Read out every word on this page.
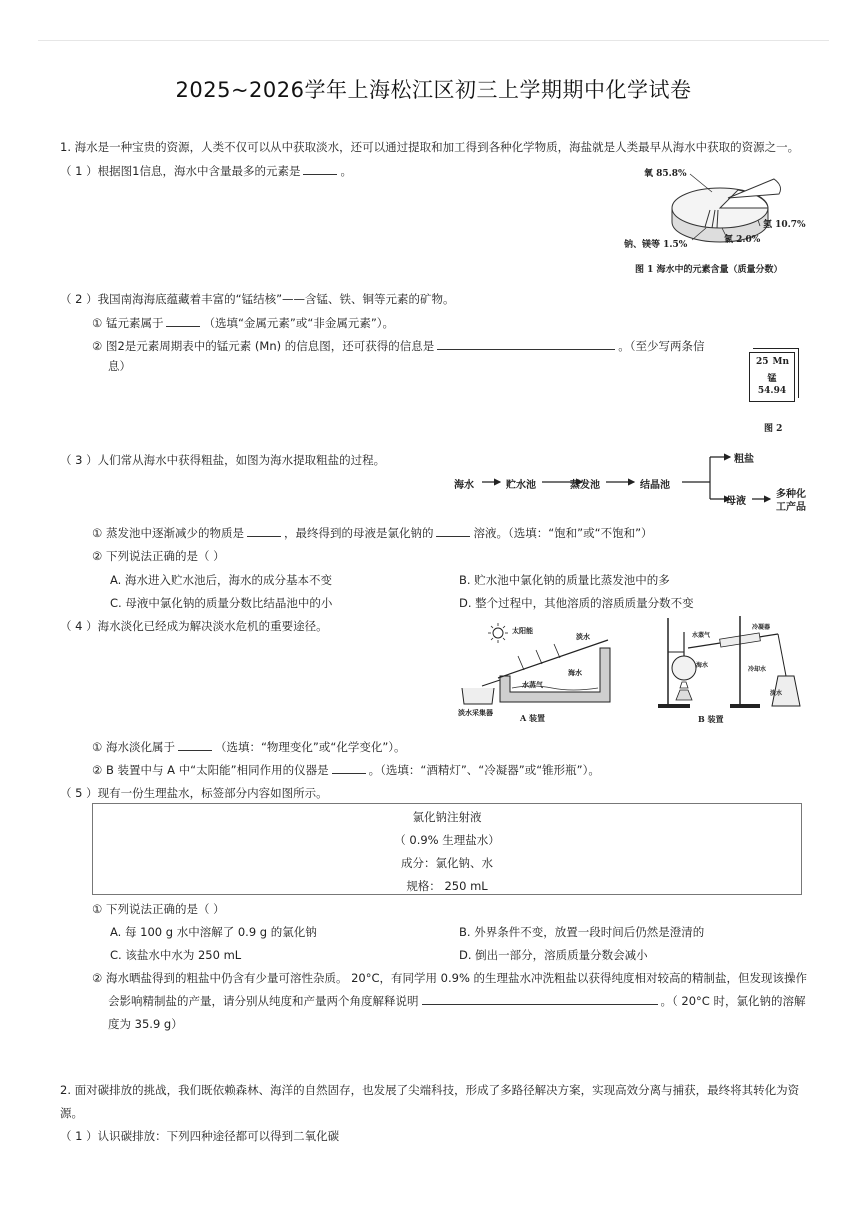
2025~2026学年上海松江区初三上学期期中化学试卷
1. 海水是一种宝贵的资源，人类不仅可以从中获取淡水，还可以通过提取和加工得到各种化学物质，海盐就是人类最早从海水中获取的资源之一。
（ 1 ）根据图1信息，海水中含量最多的元素是	。	氧 85.8%
氢 10.7%
氯 2.0%
钠、镁等 1.5%
图 1 海水中的元素含量（质量分数）
（ 2 ）我国南海海底蕴藏着丰富的“锰结核”——含锰、铁、铜等元素的矿物。
① 锰元素属于	（选填“金属元素”或“非金属元素”）。
② 图2是元素周期表中的锰元素 (Mn) 的信息图，还可获得的信息是	。（至少写两条信
息）	25 Mn
锰
54.94
图 2
（ 3 ）人们常从海水中获得粗盐，如图为海水提取粗盐的过程。
海水	贮水池	蒸发池	结晶池
粗盐
母液
多种化
工产品
① 蒸发池中逐渐减少的物质是	，最终得到的母液是氯化钠的	溶液。（选填：“饱和”或“不饱和”）
② 下列说法正确的是（ ）
A. 海水进入贮水池后，海水的成分基本不变	B. 贮水池中氯化钠的质量比蒸发池中的多
C. 母液中氯化钠的质量分数比结晶池中的小	D. 整个过程中，其他溶质的溶质质量分数不变
（ 4 ）海水淡化已经成为解决淡水危机的重要途径。	太阳能
淡水
水蒸气
海水
淡水采集器
A 装置
水蒸气
冷凝器
海水
冷却水
淡水
B 装置
① 海水淡化属于	（选填：“物理变化”或“化学变化”）。
② B 装置中与 A 中“太阳能”相同作用的仪器是	。（选填：“酒精灯”、“冷凝器”或“锥形瓶”）。
（ 5 ）现有一份生理盐水，标签部分内容如图所示。
氯化钠注射液
（ 0.9% 生理盐水）
成分：氯化钠、水
规格： 250 mL
① 下列说法正确的是（ ）
A. 每 100 g 水中溶解了 0.9 g 的氯化钠	B. 外界条件不变，放置一段时间后仍然是澄清的
C. 该盐水中水为 250 mL	D. 倒出一部分，溶质质量分数会减小
② 海水晒盐得到的粗盐中仍含有少量可溶性杂质。 20°C，有同学用 0.9% 的生理盐水冲洗粗盐以获得纯度相对较高的精制盐，但发现该操作
会影响精制盐的产量，请分别从纯度和产量两个角度解释说明	。（ 20°C 时，氯化钠的溶解
度为 35.9 g）
2. 面对碳排放的挑战，我们既依赖森林、海洋的自然固存，也发展了尖端科技，形成了多路径解决方案，实现高效分离与捕获，最终将其转化为资
源。
（ 1 ）认识碳排放：下列四种途径都可以得到二氧化碳
